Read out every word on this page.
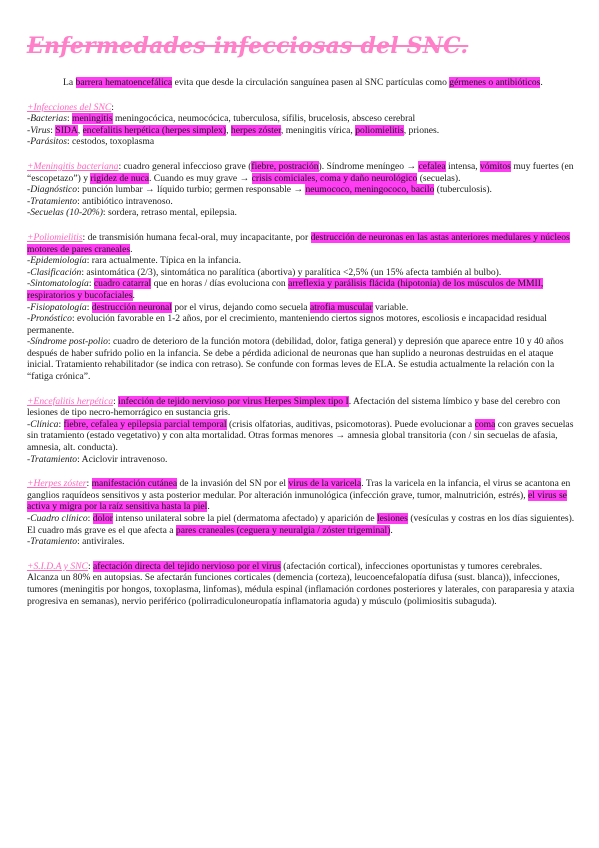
Enfermedades infecciosas del SNC.

La barrera hematoencefálica evita que desde la circulación sanguínea pasen al SNC partículas como gérmenes o antibióticos.

+Infecciones del SNC:

-Bacterias: meningitis meningocócica, neumocócica, tuberculosa, sífilis, brucelosis, absceso cerebral

-Virus: SIDA, encefalitis herpética (herpes simplex), herpes zóster, meningitis vírica, poliomielitis, priones.

-Parásitos: cestodos, toxoplasma

+Meningitis bacteriana: cuadro general infeccioso grave (fiebre, postración). Síndrome meníngeo → cefalea intensa, vómitos muy fuertes (en “escopetazo”) y rigidez de nuca. Cuando es muy grave → crisis comiciales, coma y daño neurológico (secuelas).

-Diagnóstico: punción lumbar → líquido turbio; germen responsable → neumococo, meningococo, bacilo (tuberculosis).

-Tratamiento: antibiótico intravenoso.

-Secuelas (10-20%): sordera, retraso mental, epilepsia.

+Poliomielitis: de transmisión humana fecal-oral, muy incapacitante, por destrucción de neuronas en las astas anteriores medulares y núcleos motores de pares craneales.

-Epidemiología: rara actualmente. Típica en la infancia.

-Clasificación: asintomática (2/3), sintomática no paralítica (abortiva) y paralítica <2,5% (un 15% afecta también al bulbo).

-Sintomatología: cuadro catarral que en horas / días evoluciona con arreflexia y parálisis flácida (hipotonía) de los músculos de MMII, respiratorios y bucofaciales.

-Fisiopatología: destrucción neuronal por el virus, dejando como secuela atrofia muscular variable.

-Pronóstico: evolución favorable en 1-2 años, por el crecimiento, manteniendo ciertos signos motores, escoliosis e incapacidad residual permanente.

-Síndrome post-polio: cuadro de deterioro de la función motora (debilidad, dolor, fatiga general) y depresión que aparece entre 10 y 40 años después de haber sufrido polio en la infancia. Se debe a pérdida adicional de neuronas que han suplido a neuronas destruidas en el ataque inicial. Tratamiento rehabilitador (se indica con retraso). Se confunde con formas leves de ELA. Se estudia actualmente la relación con la “fatiga crónica”.

+Encefalitis herpética: infección de tejido nervioso por virus Herpes Simplex tipo I. Afectación del sistema límbico y base del cerebro con lesiones de tipo necro-hemorrágico en sustancia gris.

-Clínica: fiebre, cefalea y epilepsia parcial temporal (crisis olfatorias, auditivas, psicomotoras). Puede evolucionar a coma con graves secuelas sin tratamiento (estado vegetativo) y con alta mortalidad. Otras formas menores → amnesia global transitoria (con / sin secuelas de afasia, amnesia, alt. conducta).

-Tratamiento: Aciclovir intravenoso.

+Herpes zóster: manifestación cutánea de la invasión del SN por el virus de la varicela. Tras la varicela en la infancia, el virus se acantona en ganglios raquídeos sensitivos y asta posterior medular. Por alteración inmunológica (infección grave, tumor, malnutrición, estrés), el virus se activa y migra por la raíz sensitiva hasta la piel.

-Cuadro clínico: dolor intenso unilateral sobre la piel (dermatoma afectado) y aparición de lesiones (vesículas y costras en los días siguientes). El cuadro más grave es el que afecta a pares craneales (ceguera y neuralgia / zóster trigeminal).

-Tratamiento: antivirales.

+S.I.D.A y SNC: afectación directa del tejido nervioso por el virus (afectación cortical), infecciones oportunistas y tumores cerebrales. Alcanza un 80% en autopsias. Se afectarán funciones corticales (demencia (corteza), leucoencefalopatía difusa (sust. blanca)), infecciones, tumores (meningitis por hongos, toxoplasma, linfomas), médula espinal (inflamación cordones posteriores y laterales, con paraparesia y ataxia progresiva en semanas), nervio periférico (polirradiculoneuropatía inflamatoria aguda) y músculo (polimiositis subaguda).
